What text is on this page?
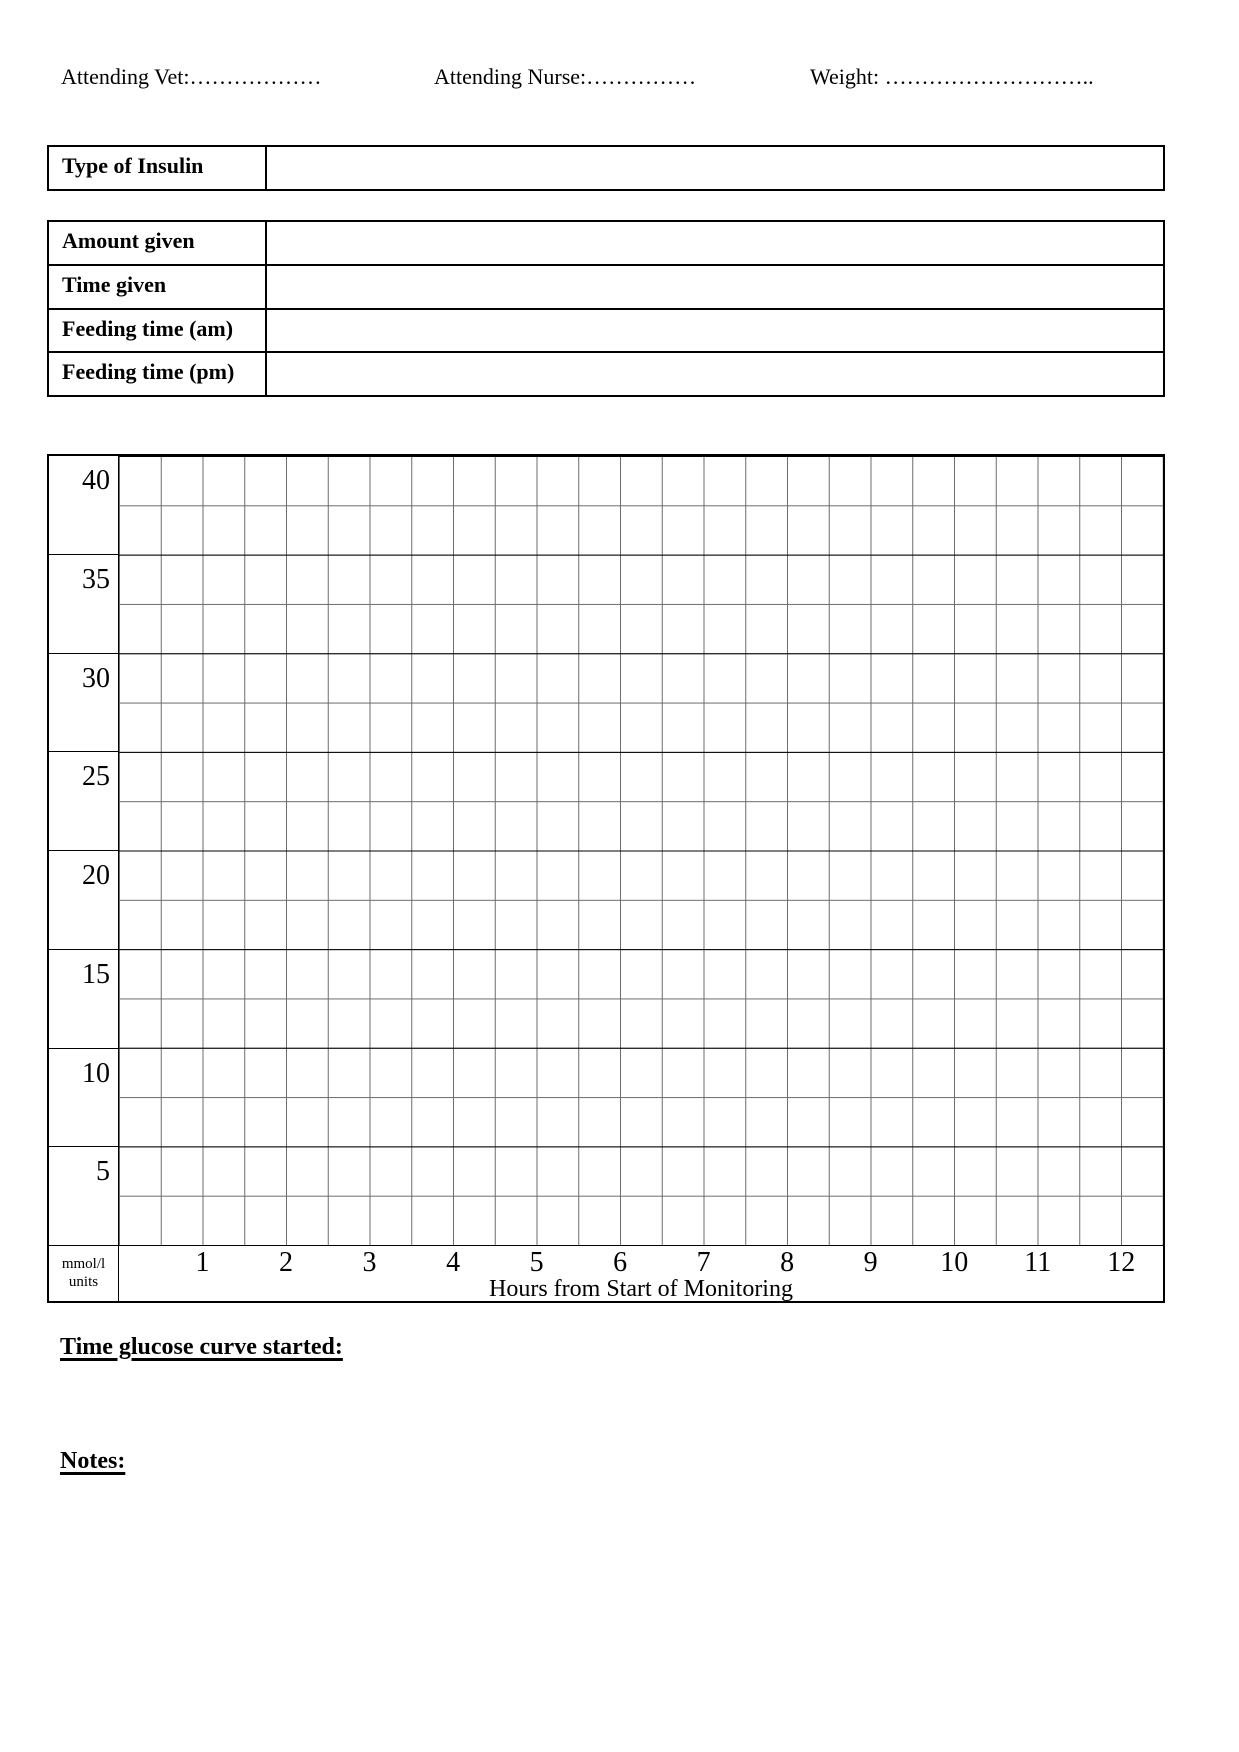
Attending Vet:………………	Attending Nurse:……………	Weight: ………………………..
Type of Insulin
Amount given
Time given
Feeding time (am)
Feeding time (pm)
40
35
30
25
20
15
10
5
mmol/l
units	Hours from Start of Monitoring
1 2 3 4 5 6 7 8 9 10 11 12
Time glucose curve started:
Notes:
